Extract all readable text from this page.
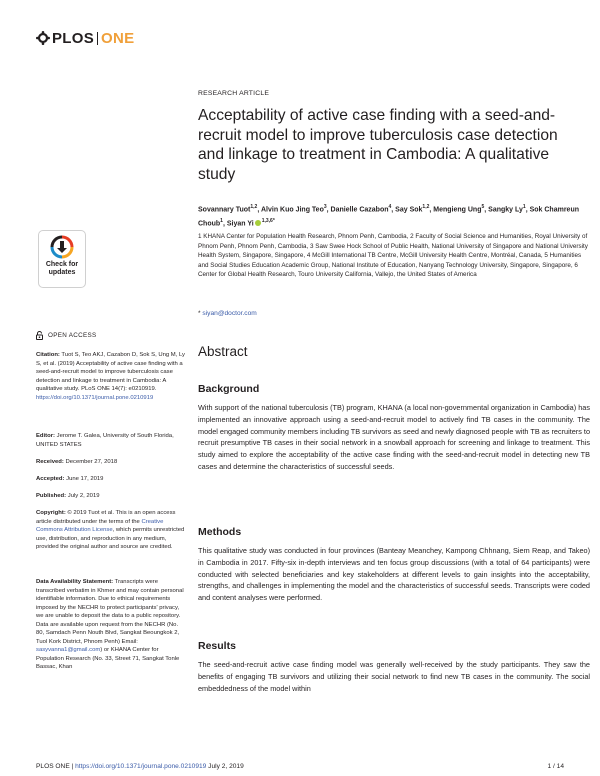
PLOS ONE
Check for
updates
OPEN ACCESS
Citation: Tuot S, Teo AKJ, Cazabon D, Sok S, Ung M, Ly S, et al. (2019) Acceptability of active case finding with a seed-and-recruit model to improve tuberculosis case detection and linkage to treatment in Cambodia: A qualitative study. PLoS ONE 14(7): e0210919. https://doi.org/10.1371/journal.pone.0210919
Editor: Jerome T. Galea, University of South Florida, UNITED STATES
Received: December 27, 2018
Accepted: June 17, 2019
Published: July 2, 2019
Copyright: © 2019 Tuot et al. This is an open access article distributed under the terms of the Creative Commons Attribution License, which permits unrestricted use, distribution, and reproduction in any medium, provided the original author and source are credited.
Data Availability Statement: Transcripts were transcribed verbatim in Khmer and may contain personal identifiable information. Due to ethical requirements imposed by the NECHR to protect participants' privacy, we are unable to deposit the data to a public repository. Data are available upon request from the NECHR (No. 80, Samdach Penn Nouth Blvd, Sangkat Beoungkok 2, Tuol Kork District, Phnom Penh) Email: sasyvanna1@gmail.com) or KHANA Center for Population Research (No. 33, Street 71, Sangkat Tonle Bassac, Khan
RESEARCH ARTICLE
Acceptability of active case finding with a seed-and-recruit model to improve tuberculosis case detection and linkage to treatment in Cambodia: A qualitative study
Sovannary Tuot$^{1,2}$, Alvin Kuo Jing Teo$^3$, Danielle Cazabon$^4$, Say Sok$^{1,2}$, Mengieng Ung$^5$, Sangky Ly$^1$, Sok Chamreun Choub$^1$, Siyan Yi $^{1,3,6*}$
1 KHANA Center for Population Health Research, Phnom Penh, Cambodia, 2 Faculty of Social Science and Humanities, Royal University of Phnom Penh, Phnom Penh, Cambodia, 3 Saw Swee Hock School of Public Health, National University of Singapore and National University Health System, Singapore, Singapore, 4 McGill International TB Centre, McGill University Health Centre, Montréal, Canada, 5 Humanities and Social Studies Education Academic Group, National Institute of Education, Nanyang Technology University, Singapore, Singapore, 6 Center for Global Health Research, Touro University California, Vallejo, the United States of America
* siyan@doctor.com
Abstract
Background
With support of the national tuberculosis (TB) program, KHANA (a local non-governmental organization in Cambodia) has implemented an innovative approach using a seed-and-recruit model to actively find TB cases in the community. The model engaged community members including TB survivors as seed and newly diagnosed people with TB as recruiters to recruit presumptive TB cases in their social network in a snowball approach for screening and linkage to treatment. This study aimed to explore the acceptability of the active case finding with the seed-and-recruit model in detecting new TB cases and determine the characteristics of successful seeds.
Methods
This qualitative study was conducted in four provinces (Banteay Meanchey, Kampong Chhnang, Siem Reap, and Takeo) in Cambodia in 2017. Fifty-six in-depth interviews and ten focus group discussions (with a total of 64 participants) were conducted with selected beneficiaries and key stakeholders at different levels to gain insights into the acceptability, strengths, and challenges in implementing the model and the characteristics of successful seeds. Transcripts were coded and content analyses were performed.
Results
The seed-and-recruit active case finding model was generally well-received by the study participants. They saw the benefits of engaging TB survivors and utilizing their social network to find new TB cases in the community. The social embeddedness of the model within
PLOS ONE | https://doi.org/10.1371/journal.pone.0210919 July 2, 2019	1 / 14
